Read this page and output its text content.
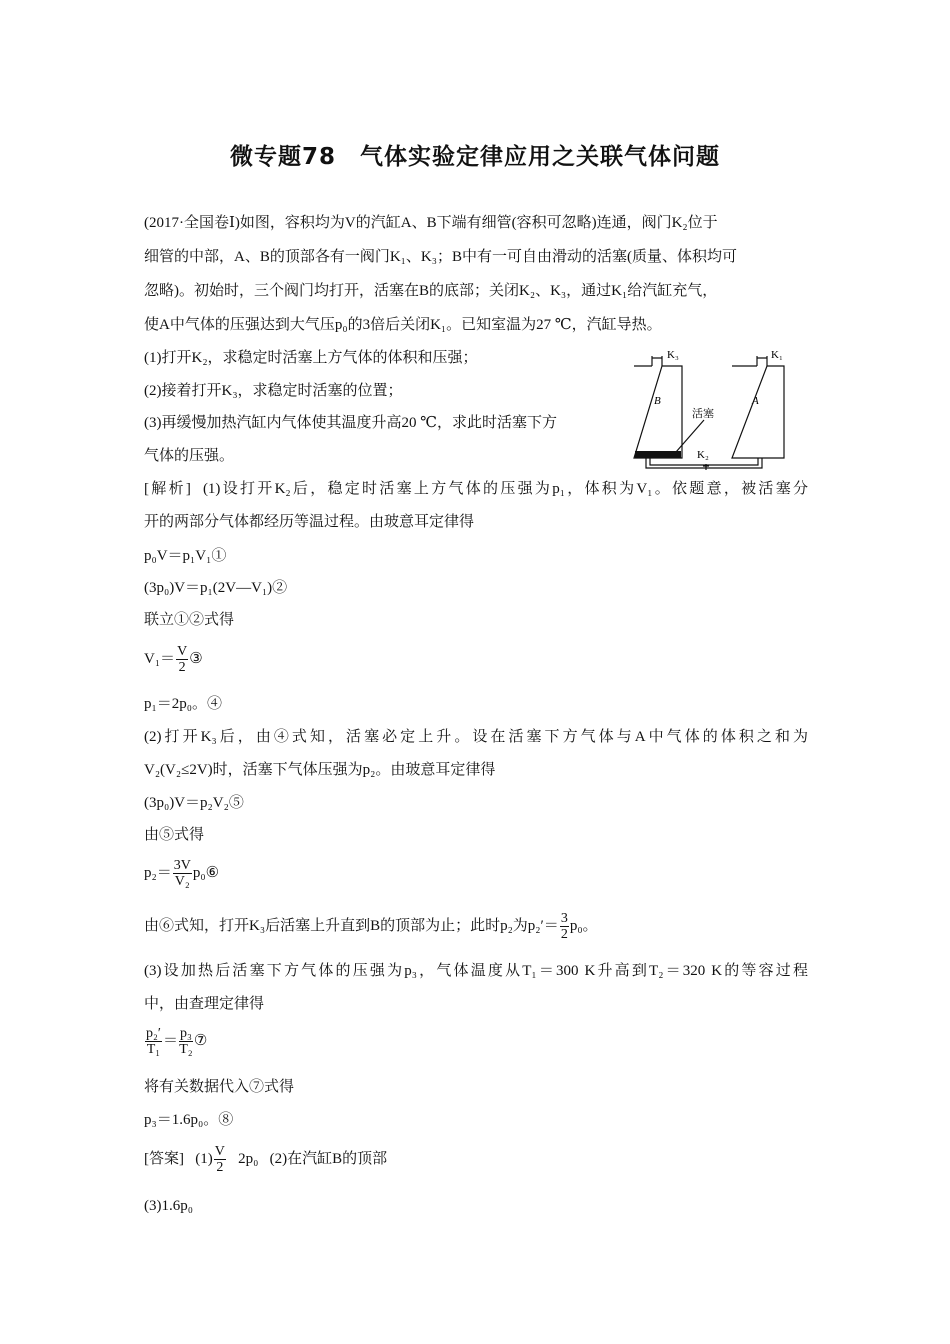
微专题78　气体实验定律应用之关联气体问题
(2017·全国卷Ⅰ)如图，容积均为V的汽缸A、B下端有细管(容积可忽略)连通，阀门K₂位于
细管的中部，A、B的顶部各有一阀门K₁、K₃；B中有一可自由滑动的活塞(质量、体积均可
忽略)。初始时，三个阀门均打开，活塞在B的底部；关闭K₂、K₃，通过K₁给汽缸充气，
使A中气体的压强达到大气压p₀的3倍后关闭K₁。已知室温为27 ℃，汽缸导热。
(1)打开K₂，求稳定时活塞上方气体的体积和压强；
(2)接着打开K₃，求稳定时活塞的位置；
(3)再缓慢加热汽缸内气体使其温度升高20 ℃，求此时活塞下方
气体的压强。
B	A
K₃	K₁
K₂
活塞
[解析] (1)设打开K₂后，稳定时活塞上方气体的压强为p₁，体积为V₁。依题意，被活塞分
开的两部分气体都经历等温过程。由玻意耳定律得
p₀V＝p₁V₁①
(3p₀)V＝p₁(2V—V₁)②
联立①②式得
$V_1= \frac{V}{2}$ ③
p₁＝2p₀。④
(2)打开K₃后，由④式知，活塞必定上升。设在活塞下方气体与A中气体的体积之和为
V₂(V₂≤2V)时，活塞下气体压强为p₂。由玻意耳定律得
(3p₀)V＝p₂V₂⑤
由⑤式得
$p_2= \frac{3V}{\text{V₂}}$ p₀⑥
由⑥式知，打开K₃后活塞上升直到B的顶部为止；此时p₂为$p_2'= \frac{3}{2} p_0$。
(3)设加热后活塞下方气体的压强为p₃，气体温度从T₁＝300 K升高到T₂＝320 K的等容过程
中，由查理定律得
$\frac{\text{p₂′}}{\text{T₁}} = \frac{\text{p₃}}{\text{T₂}}$ ⑦
将有关数据代入⑦式得
p₃＝1.6p₀。⑧
[答案] $(1) \frac{V}{2} 2p_0$ (2)在汽缸B的顶部
(3)1.6p₀
